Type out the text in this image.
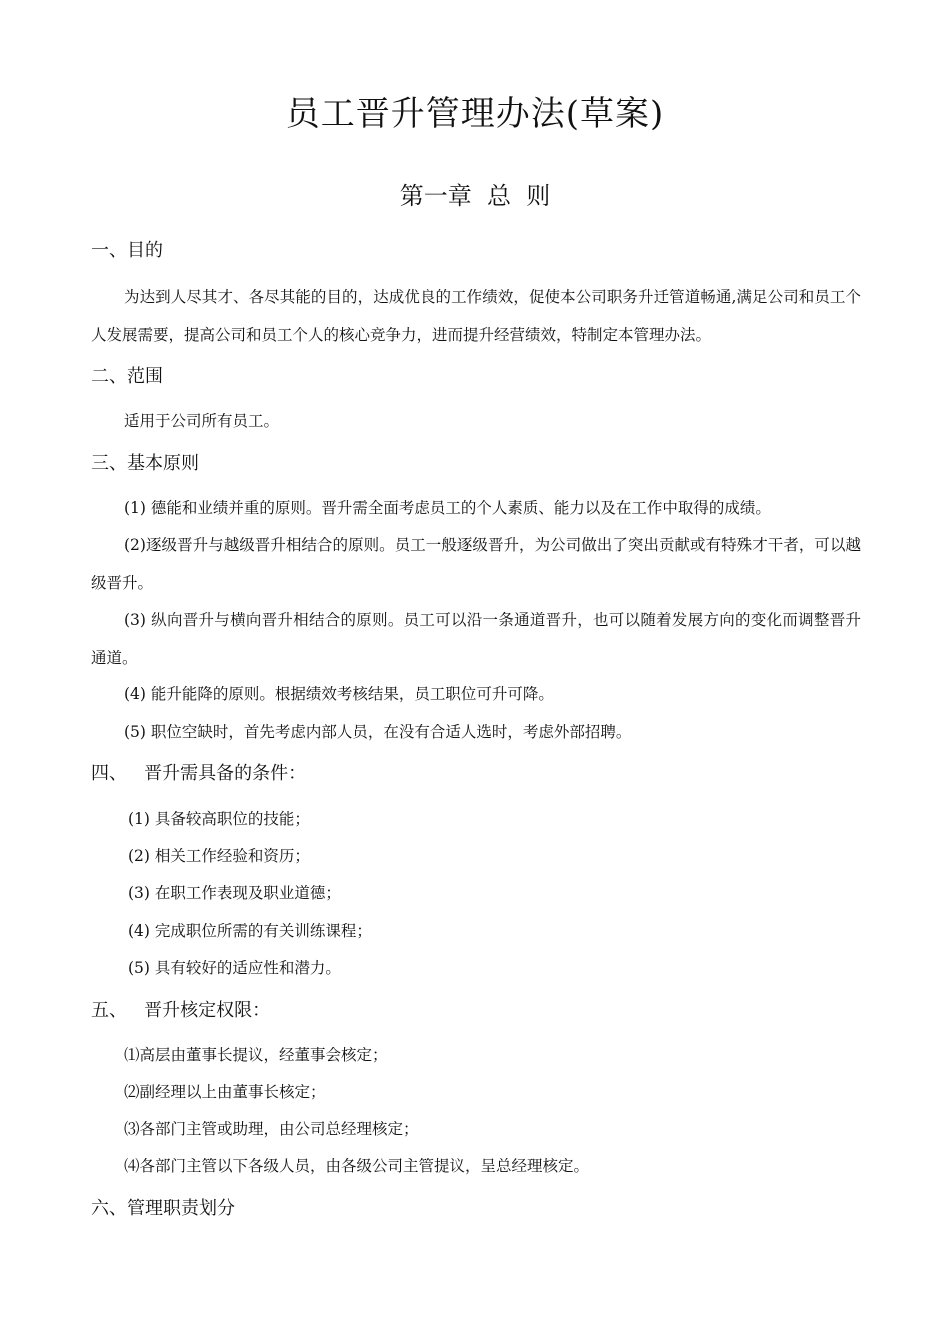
员工晋升管理办法(草案)
第一章  总  则
一、目的
为达到人尽其才、各尽其能的目的，达成优良的工作绩效，促使本公司职务升迁管道畅通,满足公司和员工个人发展需要，提高公司和员工个人的核心竞争力，进而提升经营绩效，特制定本管理办法。
二、范围
适用于公司所有员工。
三、基本原则
(1) 德能和业绩并重的原则。晋升需全面考虑员工的个人素质、能力以及在工作中取得的成绩。
(2)逐级晋升与越级晋升相结合的原则。员工一般逐级晋升，为公司做出了突出贡献或有特殊才干者，可以越级晋升。
(3) 纵向晋升与横向晋升相结合的原则。员工可以沿一条通道晋升，也可以随着发展方向的变化而调整晋升通道。
(4) 能升能降的原则。根据绩效考核结果，员工职位可升可降。
(5) 职位空缺时，首先考虑内部人员，在没有合适人选时，考虑外部招聘。
四、   晋升需具备的条件：
(1) 具备较高职位的技能；
(2) 相关工作经验和资历；
(3) 在职工作表现及职业道德；
(4) 完成职位所需的有关训练课程；
(5) 具有较好的适应性和潜力。
五、   晋升核定权限：
⑴高层由董事长提议，经董事会核定；
⑵副经理以上由董事长核定；
⑶各部门主管或助理，由公司总经理核定；
⑷各部门主管以下各级人员，由各级公司主管提议，呈总经理核定。
六、管理职责划分
